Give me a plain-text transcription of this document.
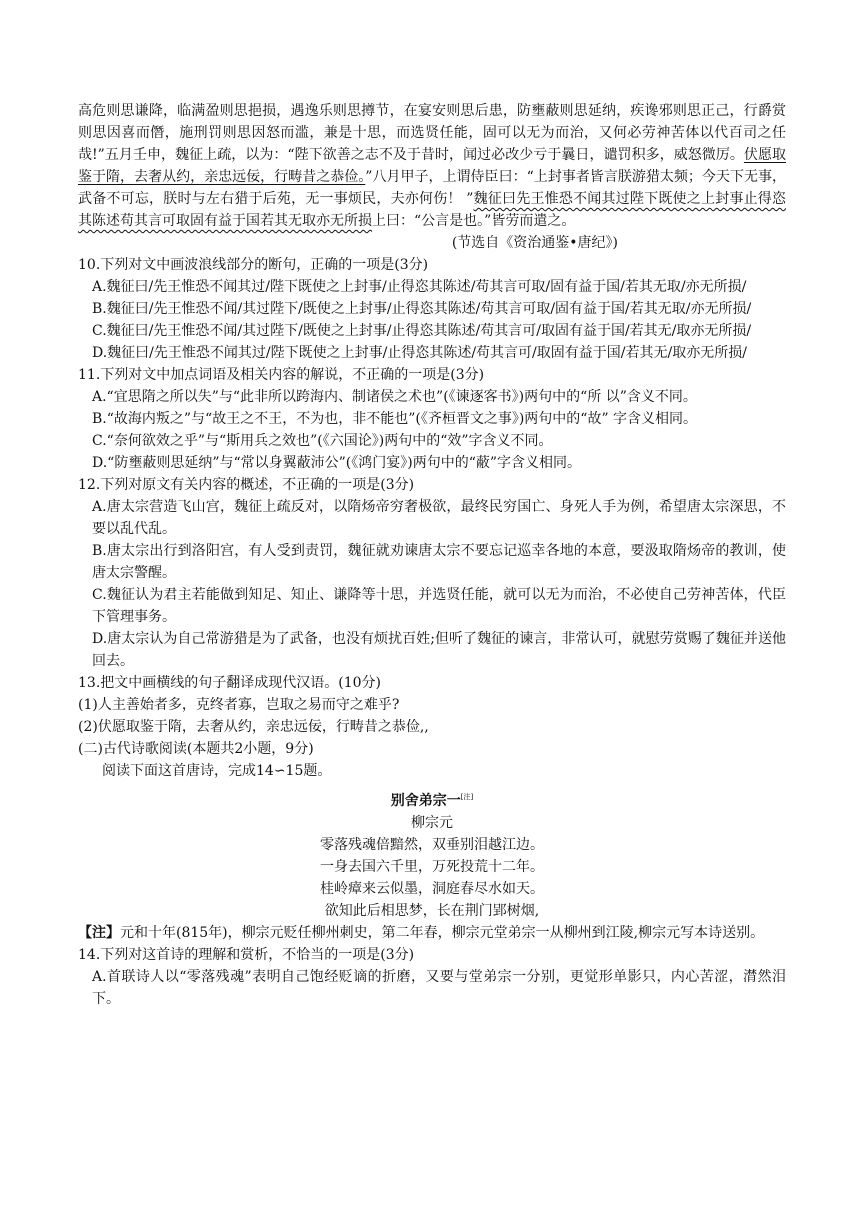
高危则思谦降，临满盈则思挹损，遇逸乐则思撙节，在宴安则思后患，防壅蔽则思延纳，疾谗邪则思正己，行爵赏则思因喜而僭，施刑罚则思因怒而滥，兼是十思，而选贤任能，固可以无为而治，又何必劳神苦体以代百司之任哉!”五月壬申，魏征上疏，以为：“陛下欲善之志不及于昔时，闻过必改少亏于曩日，谴罚积多，威怒微厉。伏愿取鉴于隋，去奢从约，亲忠远佞，行畴昔之恭俭。”八月甲子，上谓侍臣曰：“上封事者皆言朕游猎太频；今天下无事，武备不可忘，朕时与左右猎于后苑，无一事烦民，夫亦何伤！ ”魏征曰先王惟恐不闻其过陛下既使之上封事止得恣其陈述苟其言可取固有益于国若其无取亦无所损上曰：“公言是也。”皆劳而遣之。

(节选自《资治通鉴•唐纪》)

10.下列对文中画波浪线部分的断句，正确的一项是(3分)

A.魏征曰/先王惟恐不闻其过/陛下既使之上封事/止得恣其陈述/苟其言可取/固有益于国/若其无取/亦无所损/

B.魏征曰/先王惟恐不闻/其过陛下/既使之上封事/止得恣其陈述/苟其言可取/固有益于国/若其无取/亦无所损/

C.魏征曰/先王惟恐不闻/其过陛下/既使之上封事/止得恣其陈述/苟其言可/取固有益于国/若其无/取亦无所损/

D.魏征曰/先王惟恐不闻其过/陛下既使之上封事/止得恣其陈述/苟其言可/取固有益于国/若其无/取亦无所损/

11.下列对文中加点词语及相关内容的解说，不正确的一项是(3分)

A.“宜思隋之所以失”与“此非所以跨海内、制诸侯之术也”(《谏逐客书》)两句中的“所 以”含义不同。

B.“故海内叛之”与“故王之不王，不为也，非不能也”(《齐桓晋文之事》)两句中的“故” 字含义相同。

C.“奈何欲效之乎”与“斯用兵之效也”(《六国论》)两句中的“效”字含义不同。

D.“防壅蔽则思延纳”与“常以身翼蔽沛公”(《鸿门宴》)两句中的“蔽”字含义相同。

12.下列对原文有关内容的概述，不正确的一项是(3分)

A.唐太宗营造飞山宫，魏征上疏反对，以隋炀帝穷奢极欲，最终民穷国亡、身死人手为例，希望唐太宗深思，不要以乱代乱。

B.唐太宗出行到洛阳宫，有人受到责罚，魏征就劝谏唐太宗不要忘记巡幸各地的本意，要汲取隋炀帝的教训，使唐太宗警醒。

C.魏征认为君主若能做到知足、知止、谦降等十思，并选贤任能，就可以无为而治，不必使自己劳神苦体，代臣下管理事务。

D.唐太宗认为自己常游猎是为了武备，也没有烦扰百姓;但听了魏征的谏言，非常认可，就慰劳赏赐了魏征并送他回去。

13.把文中画横线的句子翻译成现代汉语。(10分)

(1)人主善始者多，克终者寡，岂取之易而守之难乎?

(2)伏愿取鉴于隋，去奢从约，亲忠远佞，行畴昔之恭俭,,

(二)古代诗歌阅读(本题共2小题，9分)

阅读下面这首唐诗，完成14∽15题。

别舍弟宗一[注]

柳宗元

零落残魂倍黯然，双垂别泪越江边。

一身去国六千里，万死投荒十二年。

桂岭瘴来云似墨，洞庭春尽水如天。

欲知此后相思梦，长在荆门郢树烟,

【注】元和十年(815年)，柳宗元贬任柳州刺史，第二年春，柳宗元堂弟宗一从柳州到江陵,柳宗元写本诗送别。

14.下列对这首诗的理解和赏析，不恰当的一项是(3分)

A.首联诗人以“零落残魂”表明自己饱经贬谪的折磨，又要与堂弟宗一分别，更觉形单影只，内心苦涩，潸然泪下。
